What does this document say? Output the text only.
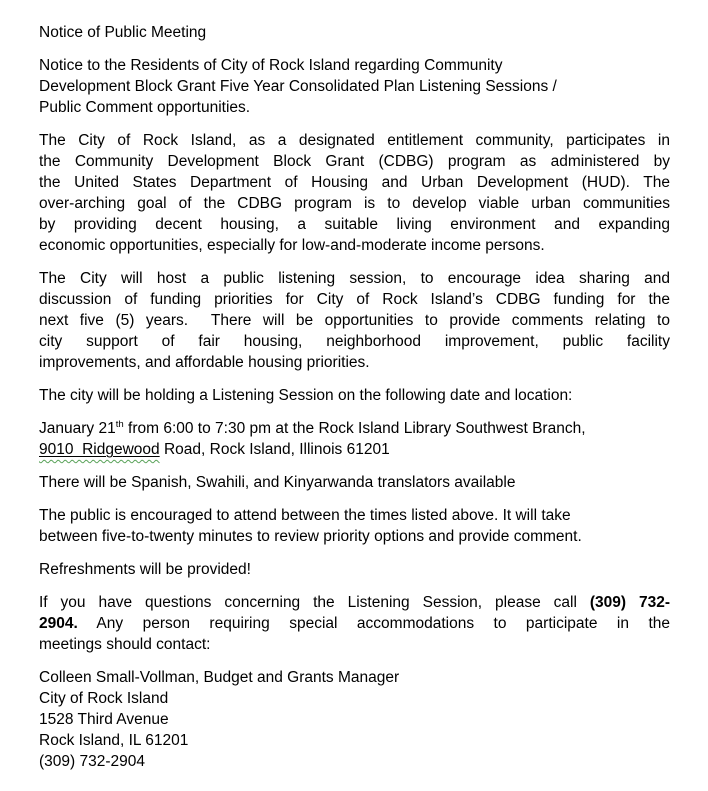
Notice of Public Meeting
Notice to the Residents of City of Rock Island regarding Community
Development Block Grant Five Year Consolidated Plan Listening Sessions /
Public Comment opportunities.
The City of Rock Island, as a designated entitlement community, participates in
the Community Development Block Grant (CDBG) program as administered by
the United States Department of Housing and Urban Development (HUD). The
over-arching goal of the CDBG program is to develop viable urban communities
by providing decent housing, a suitable living environment and expanding
economic opportunities, especially for low-and-moderate income persons.
The City will host a public listening session, to encourage idea sharing and
discussion of funding priorities for City of Rock Island’s CDBG funding for the
next five (5) years.  There will be opportunities to provide comments relating to
city support of fair housing, neighborhood improvement, public facility
improvements, and affordable housing priorities.
The city will be holding a Listening Session on the following date and location:
January 21th from 6:00 to 7:30 pm at the Rock Island Library Southwest Branch,
9010  Ridgewood Road, Rock Island, Illinois 61201
There will be Spanish, Swahili, and Kinyarwanda translators available
The public is encouraged to attend between the times listed above. It will take
between five-to-twenty minutes to review priority options and provide comment.
Refreshments will be provided!
If you have questions concerning the Listening Session, please call (309) 732-
2904. Any person requiring special accommodations to participate in the
meetings should contact:
Colleen Small-Vollman, Budget and Grants Manager
City of Rock Island
1528 Third Avenue
Rock Island, IL 61201
(309) 732-2904
